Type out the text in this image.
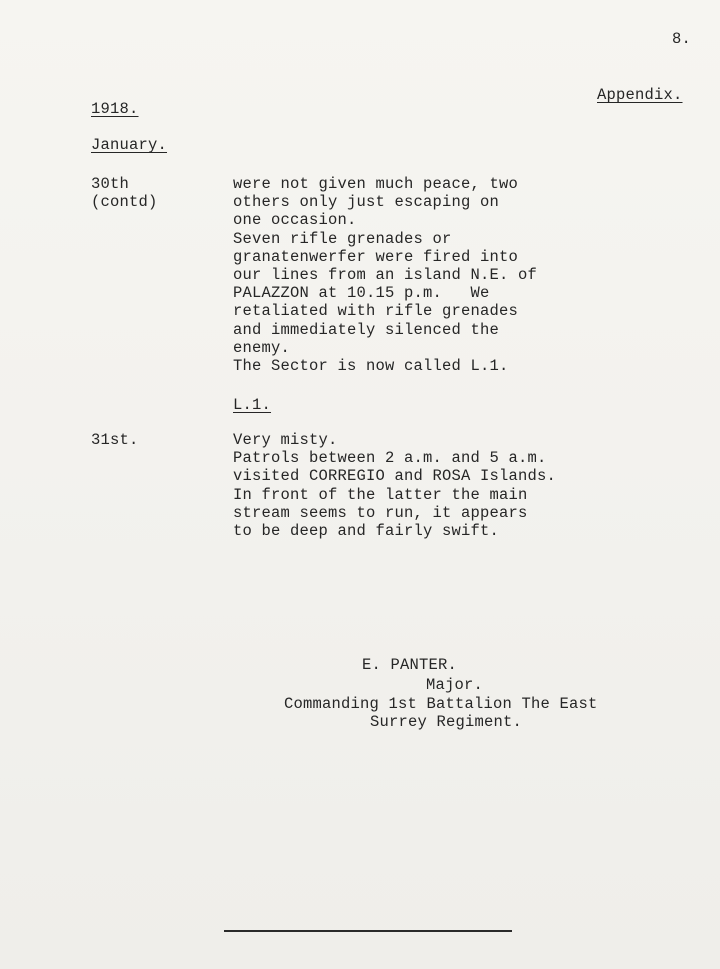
8.
Appendix.
1918.
January.
30th
(contd)
were not given much peace, two
others only just escaping on
one occasion.
Seven rifle grenades or
granatenwerfer were fired into
our lines from an island N.E. of
PALAZZON at 10.15 p.m.   We
retaliated with rifle grenades
and immediately silenced the
enemy.
The Sector is now called L.1.
L.1.
31st.	Very misty.
Patrols between 2 a.m. and 5 a.m.
visited CORREGIO and ROSA Islands.
In front of the latter the main
stream seems to run, it appears
to be deep and fairly swift.
E. PANTER.
Major.
Commanding 1st Battalion The East
Surrey Regiment.
